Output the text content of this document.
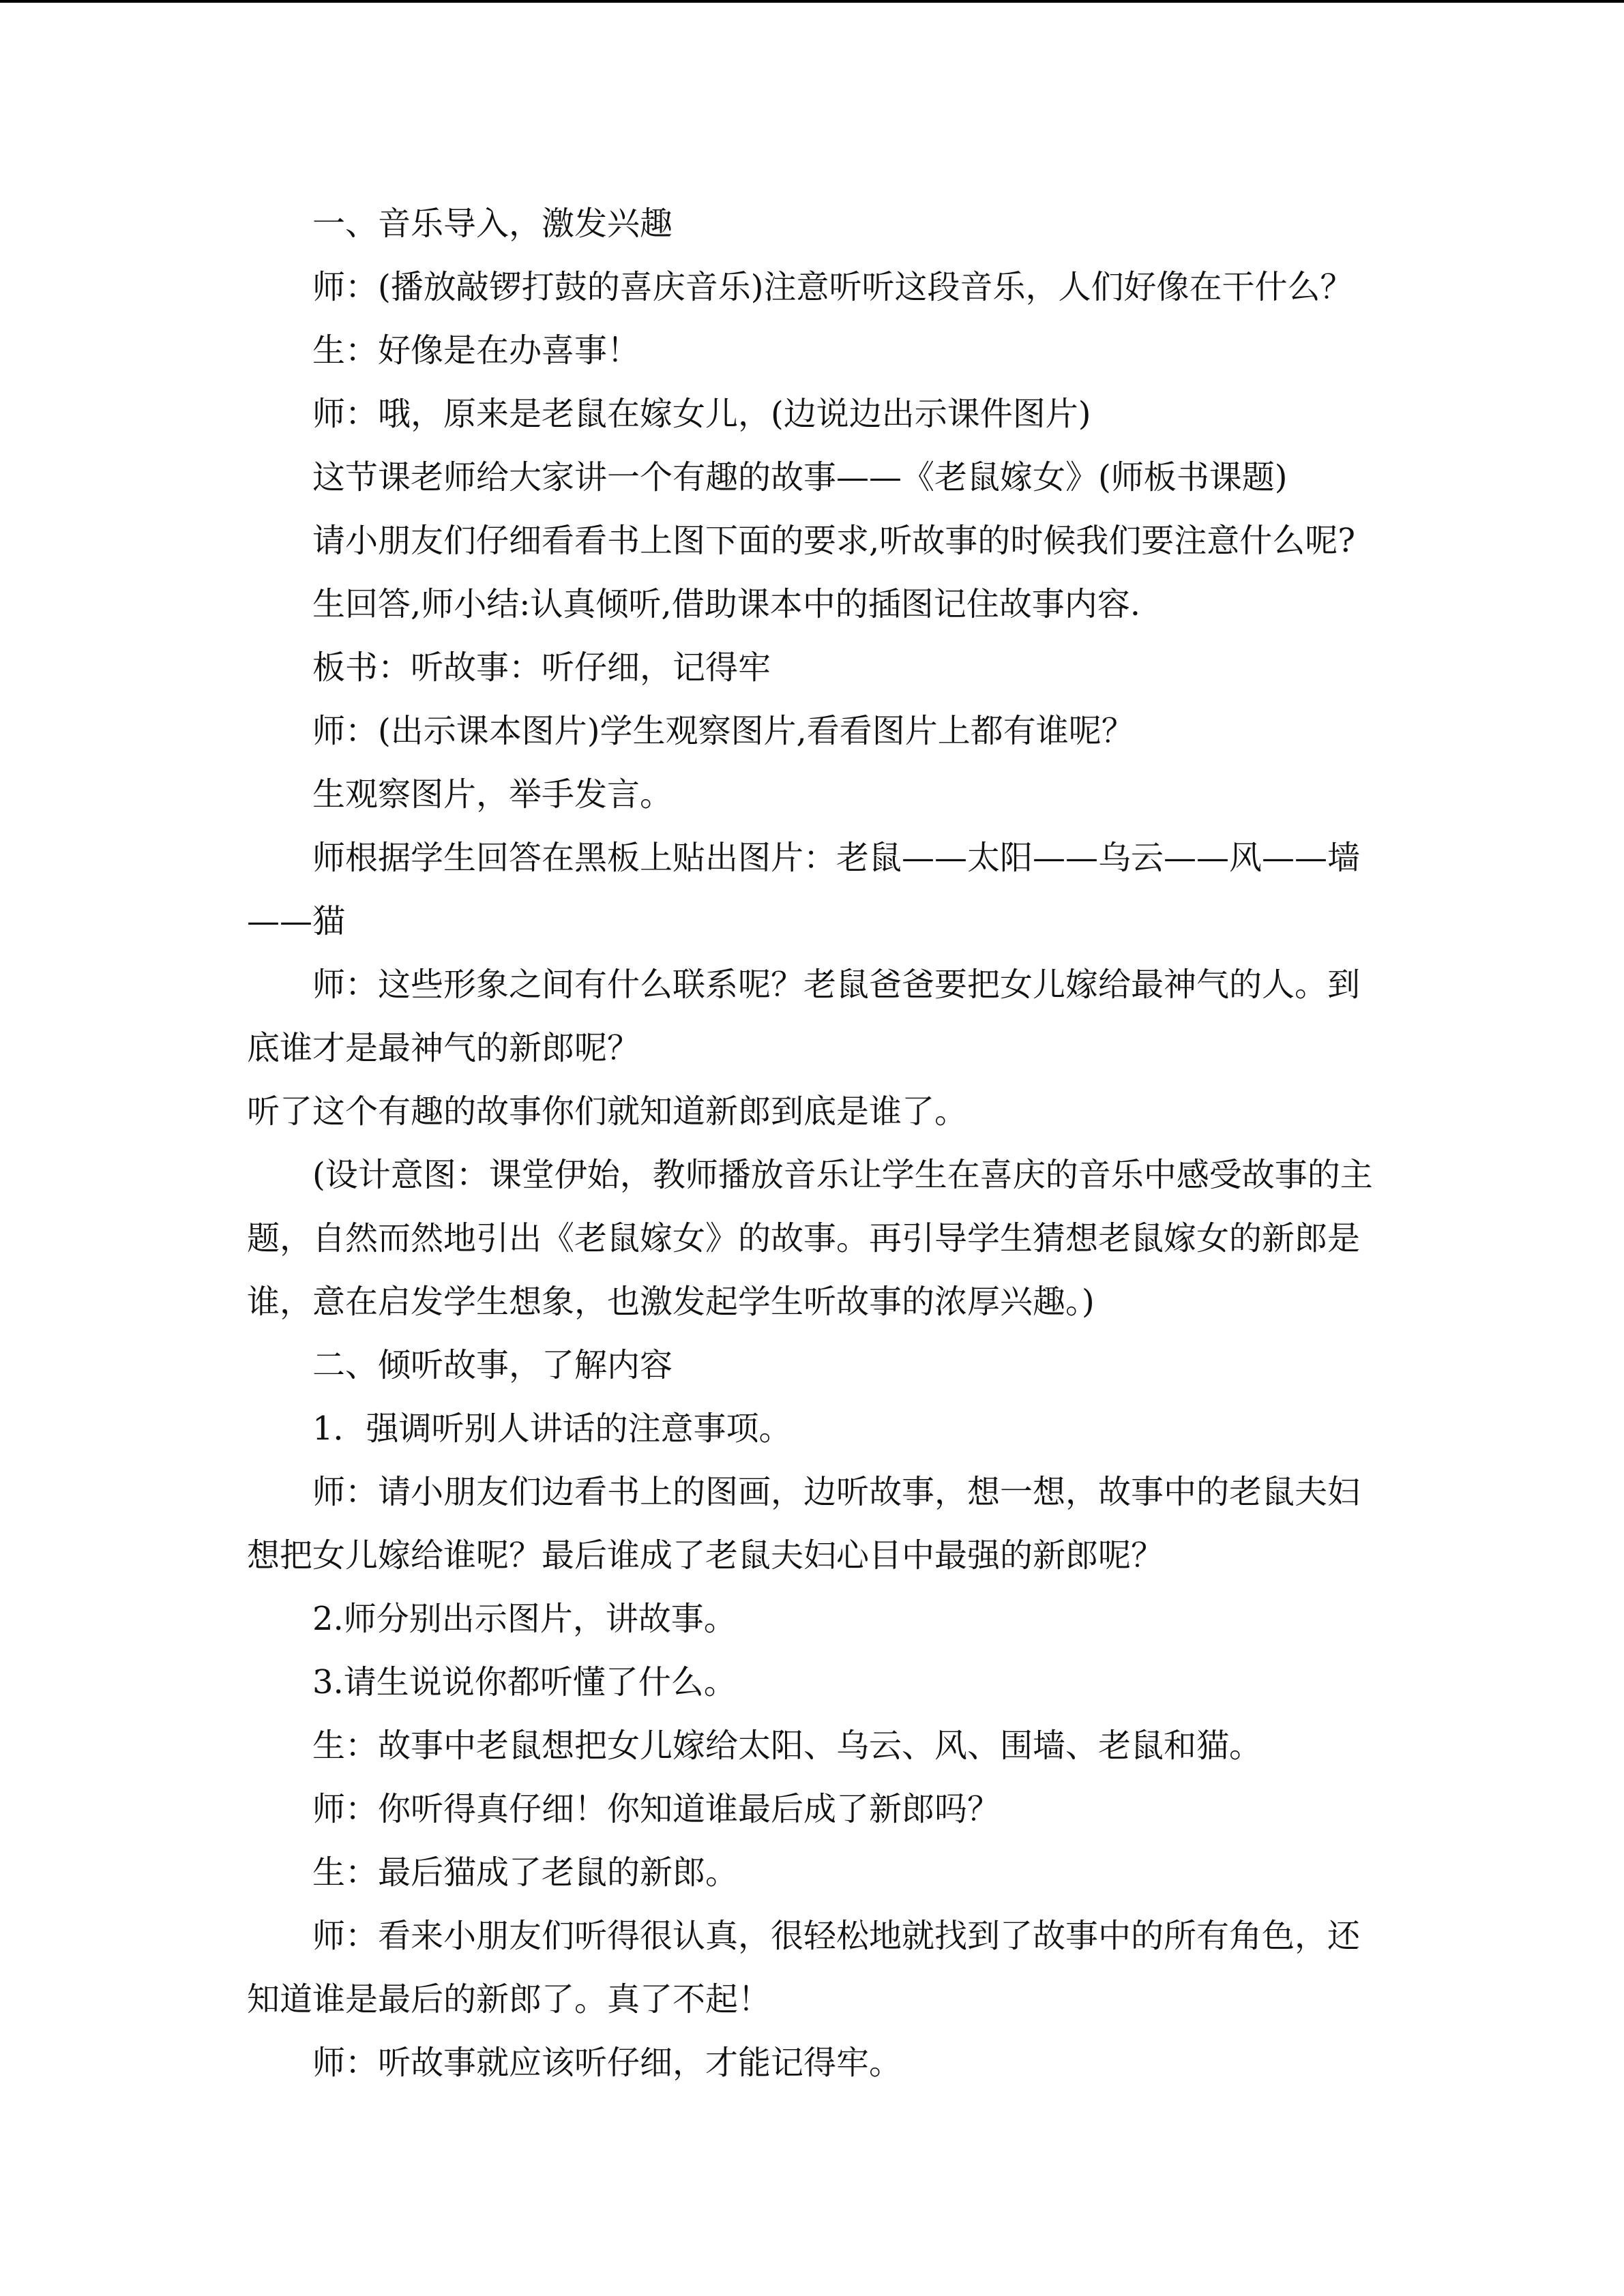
一、音乐导入，激发兴趣

师：(播放敲锣打鼓的喜庆音乐)注意听听这段音乐，人们好像在干什么？

生：好像是在办喜事！

师：哦，原来是老鼠在嫁女儿，(边说边出示课件图片)

这节课老师给大家讲一个有趣的故事——《老鼠嫁女》(师板书课题)

请小朋友们仔细看看书上图下面的要求,听故事的时候我们要注意什么呢?

生回答,师小结:认真倾听,借助课本中的插图记住故事内容.

板书：听故事：听仔细，记得牢

师：(出示课本图片)学生观察图片,看看图片上都有谁呢？

生观察图片，举手发言。

师根据学生回答在黑板上贴出图片：老鼠——太阳——乌云——风——墙——猫

师：这些形象之间有什么联系呢？老鼠爸爸要把女儿嫁给最神气的人。到底谁才是最神气的新郎呢？

听了这个有趣的故事你们就知道新郎到底是谁了。

(设计意图：课堂伊始，教师播放音乐让学生在喜庆的音乐中感受故事的主题，自然而然地引出《老鼠嫁女》的故事。再引导学生猜想老鼠嫁女的新郎是谁，意在启发学生想象，也激发起学生听故事的浓厚兴趣。)

二、倾听故事，了解内容

1．强调听别人讲话的注意事项。

师：请小朋友们边看书上的图画，边听故事，想一想，故事中的老鼠夫妇想把女儿嫁给谁呢？最后谁成了老鼠夫妇心目中最强的新郎呢？

2.师分别出示图片，讲故事。

3.请生说说你都听懂了什么。

生：故事中老鼠想把女儿嫁给太阳、乌云、风、围墙、老鼠和猫。

师：你听得真仔细！你知道谁最后成了新郎吗？

生：最后猫成了老鼠的新郎。

师：看来小朋友们听得很认真，很轻松地就找到了故事中的所有角色，还知道谁是最后的新郎了。真了不起！

师：听故事就应该听仔细，才能记得牢。
